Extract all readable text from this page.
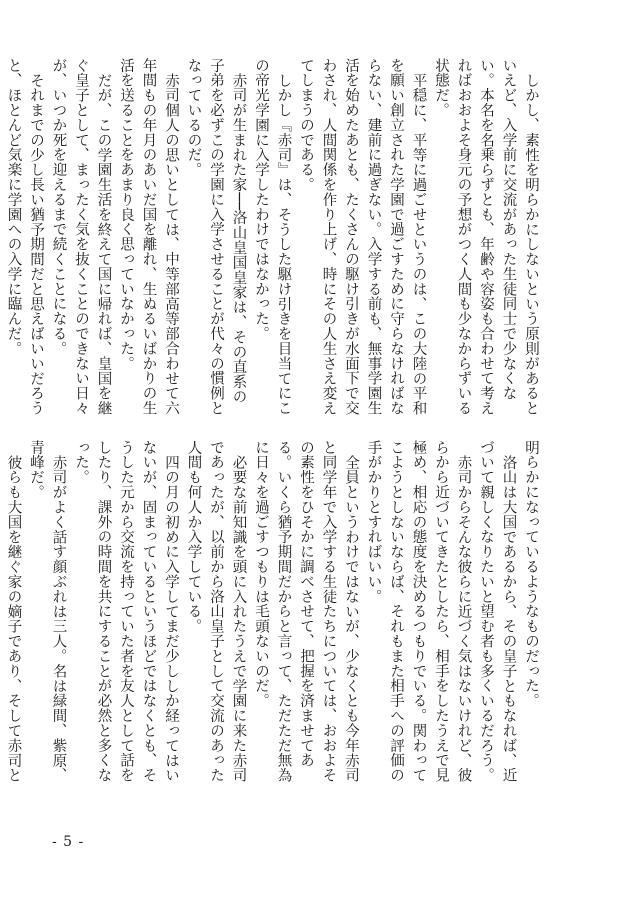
しかし、素性を明らかにしないという原則があるといえど、入学前に交流があった生徒同士で少なくない。本名を名乗らずとも、年齢や容姿も合わせて考えればおおよそ身元の予想がつく人間も少なからずいる状態だ。

平穏に、平等に過ごせというのは、この大陸の平和を願い創立された学園で過ごすために守らなければならない、建前に過ぎない。入学する前も、無事学園生活を始めたあとも、たくさんの駆け引きが水面下で交わされ、人間関係を作り上げ、時にその人生さえ変えてしまうのである。

しかし『赤司』は、そうした駆け引きを目当てにこの帝光学園に入学したわけではなかった。

赤司が生まれた家──洛山皇国皇家は、その直系の子弟を必ずこの学園に入学させることが代々の慣例となっているのだ。

赤司個人の思いとしては、中等部高等部合わせて六年間もの年月のあいだ国を離れ、生ぬるいばかりの生活を送ることをあまり良く思っていなかった。

だが、この学園生活を終えて国に帰れば、皇国を継ぐ皇子として、まったく気を抜くことのできない日々が、いつか死を迎えるまで続くことになる。

それまでの少し長い猶予期間だと思えばいいだろうと、ほとんど気楽に学園への入学に臨んだ。

明らかになっているようなものだった。

洛山は大国であるから、その皇子ともなれば、近づいて親しくなりたいと望む者も多くいるだろう。

赤司からそんな彼らに近づく気はないけれど、彼らから近づいてきたとしたら、相手をしたうえで見極め、相応の態度を決めるつもりでいる。関わってこようとしないならば、それもまた相手への評価の手がかりとすればいい。

全員というわけではないが、少なくとも今年赤司と同学年で入学する生徒たちについては、おおよその素性をひそかに調べさせて、把握を済ませてある。いくら猶予期間だからと言って、ただただ無為に日々を過ごすつもりは毛頭ないのだ。

必要な前知識を頭に入れたうえで学園に来た赤司であったが、以前から洛山皇子として交流のあった人間も何人か入学している。

四の月の初めに入学してまだ少ししか経ってはいないが、固まっているというほどではなくとも、そうした元から交流を持っていた者を友人として話をしたり、課外の時間を共にすることが必然と多くなった。

赤司がよく話す顔ぶれは三人。名は緑間、紫原、青峰だ。

彼らも大国を継ぐ家の嫡子であり、そして赤司と

- 5 -
